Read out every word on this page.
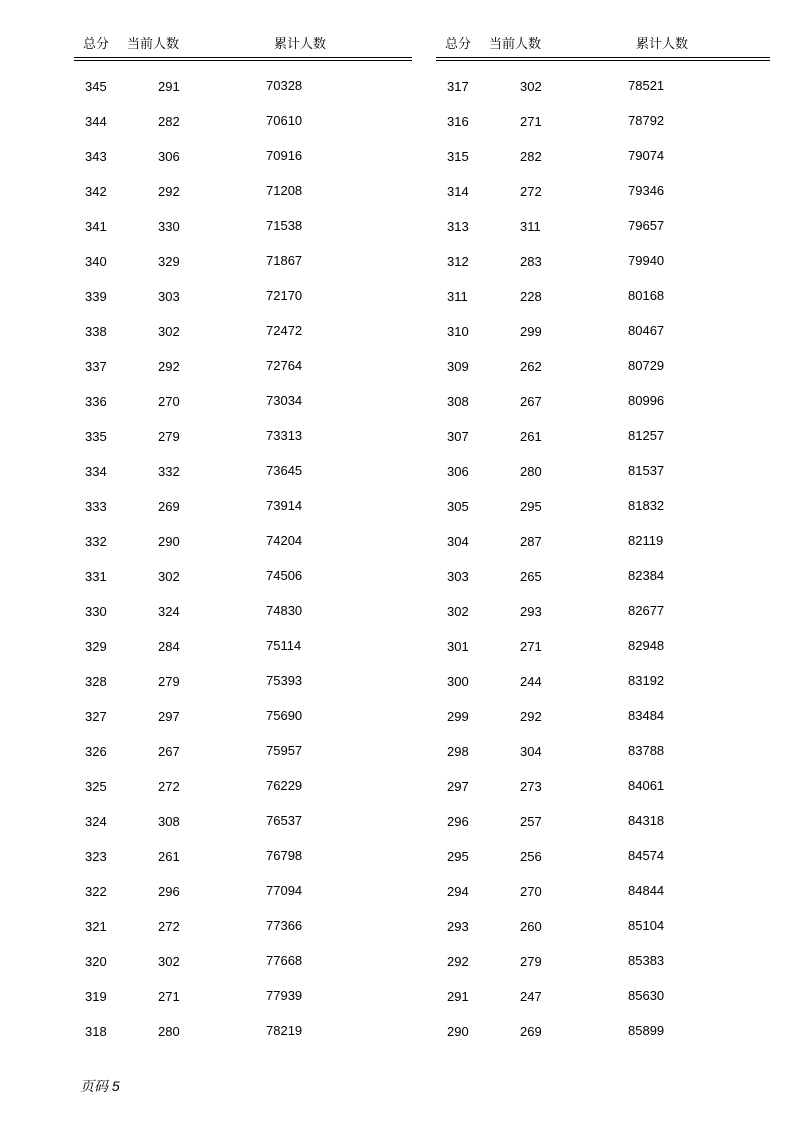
总分 当前人数	累计人数
345	291	70328
344	282	70610
343	306	70916
342	292	71208
341	330	71538
340	329	71867
339	303	72170
338	302	72472
337	292	72764
336	270	73034
335	279	73313
334	332	73645
333	269	73914
332	290	74204
331	302	74506
330	324	74830
329	284	75114
328	279	75393
327	297	75690
326	267	75957
325	272	76229
324	308	76537
323	261	76798
322	296	77094
321	272	77366
320	302	77668
319	271	77939
318	280	78219
总分 当前人数	累计人数
317	302	78521
316	271	78792
315	282	79074
314	272	79346
313	311	79657
312	283	79940
311	228	80168
310	299	80467
309	262	80729
308	267	80996
307	261	81257
306	280	81537
305	295	81832
304	287	82119
303	265	82384
302	293	82677
301	271	82948
300	244	83192
299	292	83484
298	304	83788
297	273	84061
296	257	84318
295	256	84574
294	270	84844
293	260	85104
292	279	85383
291	247	85630
290	269	85899
页码 5
